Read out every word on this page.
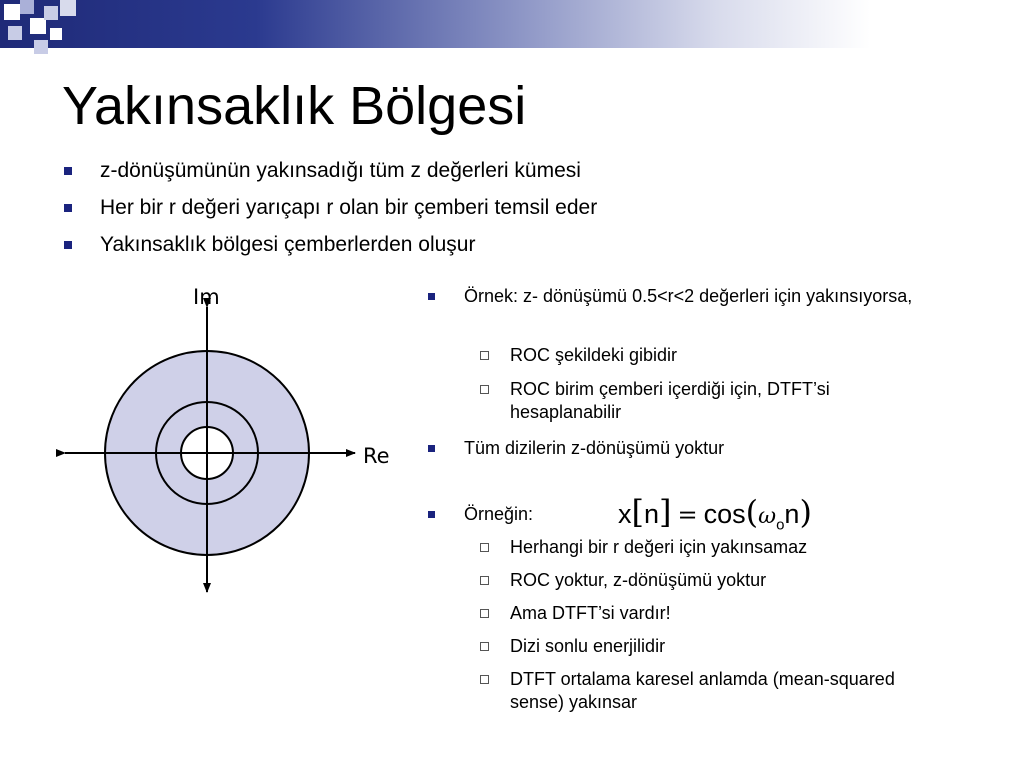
Yakınsaklık Bölgesi
z-dönüşümünün yakınsadığı tüm z değerleri kümesi
Her bir r değeri yarıçapı r olan bir çemberi temsil eder
Yakınsaklık bölgesi çemberlerden oluşur
Im
Re
Örnek: z- dönüşümü 0.5<r<2 değerleri için yakınsıyorsa,
ROC şekildeki gibidir
ROC birim çemberi içerdiği için, DTFT’si hesaplanabilir
Tüm dizilerin z-dönüşümü yoktur
Örneğin:	$x[n] = \cos(\omega_on)$
Herhangi bir r değeri için yakınsamaz
ROC yoktur, z-dönüşümü yoktur
Ama DTFT’si vardır!
Dizi sonlu enerjilidir
DTFT ortalama karesel anlamda (mean-squared sense) yakınsar
